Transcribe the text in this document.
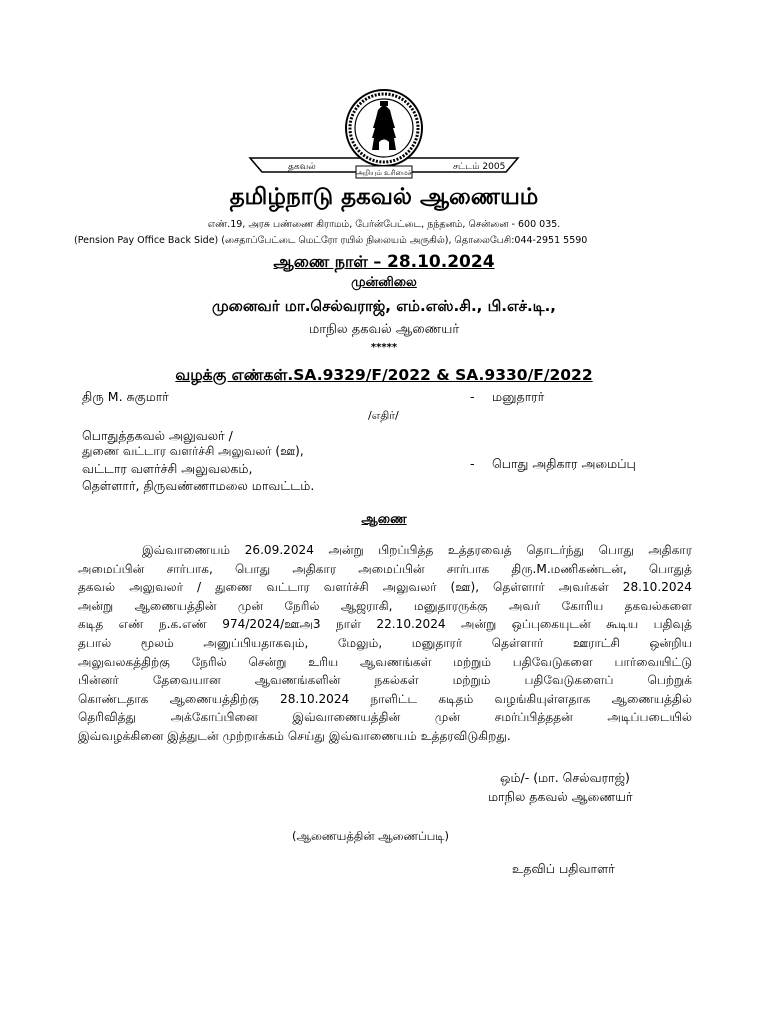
தகவல்	சட்டம் 2005
அறியும் உரிமைச்
தமிழ்நாடு தகவல் ஆணையம்
எண்.19, அரசு பண்ணை கிராமம், பேர்ன்பேட்டை, நந்தனம், சென்னை - 600 035.
(Pension Pay Office Back Side) (சைதாப்பேட்டை மெட்ரோ ரயில் நிலையம் அருகில்), தொலைபேசி:044-2951 5590
ஆணை நாள் – 28.10.2024
முன்னிலை
முனைவர் மா.செல்வராஜ், எம்.எஸ்.சி., பி.எச்.டி.,
மாநில தகவல் ஆணையர்
*****
வழக்கு எண்கள்.SA.9329/F/2022 & SA.9330/F/2022
திரு M. சுகுமார்	- மனுதாரர்
/எதிர்/
பொதுத்தகவல் அலுவலர் /
துணை வட்டார வளர்ச்சி அலுவலர் (ஊ),
வட்டார வளர்ச்சி அலுவலகம்,
தெள்ளார், திருவண்ணாமலை மாவட்டம்.
- பொது அதிகார அமைப்பு
ஆணை
இவ்வாணையம் 26.09.2024 அன்று பிறப்பித்த உத்தரவைத் தொடர்ந்து பொது அதிகார
அமைப்பின் சார்பாக, பொது அதிகார அமைப்பின் சார்பாக திரு.M.மணிகண்டன், பொதுத்
தகவல் அலுவலர் / துணை வட்டார வளர்ச்சி அலுவலர் (ஊ), தெள்ளார் அவர்கள் 28.10.2024
அன்று ஆணையத்தின் முன் நேரில் ஆஜராகி, மனுதாரருக்கு அவர் கோரிய தகவல்களை
கடித எண் ந.க.எண் 974/2024/ஊஅ3 நாள் 22.10.2024 அன்று ஒப்புகையுடன் கூடிய பதிவுத்
தபால் மூலம் அனுப்பியதாகவும், மேலும், மனுதாரர் தெள்ளார் ஊராட்சி ஒன்றிய
அலுவலகத்திற்கு நேரில் சென்று உரிய ஆவணங்கள் மற்றும் பதிவேடுகளை பார்வையிட்டு
பின்னர் தேவையான ஆவணங்களின் நகல்கள் மற்றும் பதிவேடுகளைப் பெற்றுக்
கொண்டதாக ஆணையத்திற்கு 28.10.2024 நாளிட்ட கடிதம் வழங்கியுள்ளதாக ஆணையத்தில்
தெரிவித்து அக்கோப்பினை இவ்வாணையத்தின் முன் சமர்ப்பித்ததன் அடிப்படையில்
இவ்வழக்கினை இத்துடன் முற்றாக்கம் செய்து இவ்வாணையம் உத்தரவிடுகிறது.
ஒம்/- (மா. செல்வராஜ்)
மாநில தகவல் ஆணையர்
(ஆணையத்தின் ஆணைப்படி)
உதவிப் பதிவாளர்
